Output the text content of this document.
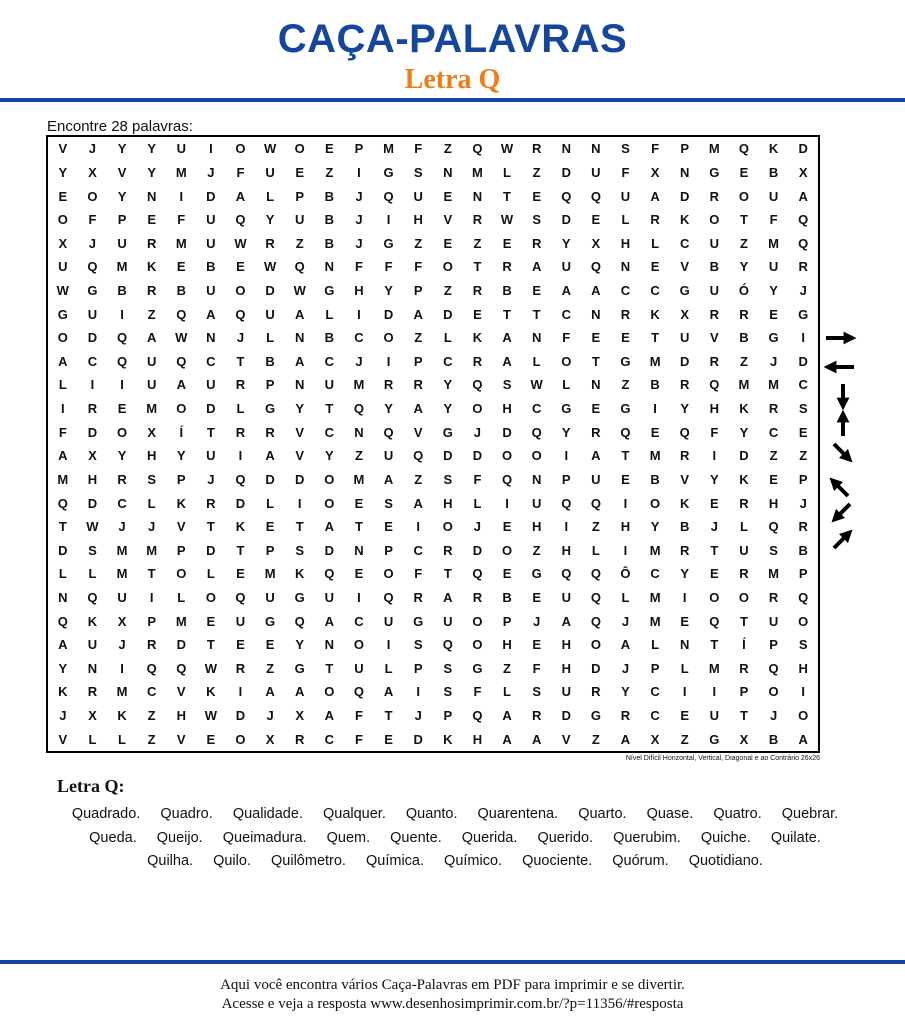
CAÇA-PALAVRAS
Letra Q
Encontre 28 palavras:
V J Y Y U I O W O E P M F Z Q W R N N S F P M Q K D
Y X V Y M J F U E Z I G S N M L Z D U F X N G E B X
E O Y N I D A L P B J Q U E N T E Q Q U A D R O U A
O F P E F U Q Y U B J I H V R W S D E L R K O T F Q
X J U R M U W R Z B J G Z E Z E R Y X H L C U Z M Q
U Q M K E B E W Q N F F F O T R A U Q N E V B Y U R
W G B R B U O D W G H Y P Z R B E A A C C G U Ó Y J
G U I Z Q A Q U A L I D A D E T T C N R K X R R E G
O D Q A W N J L N B C O Z L K A N F E E T U V B G I
A C Q U Q C T B A C J I P C R A L O T G M D R Z J D
L I I U A U R P N U M R R Y Q S W L N Z B R Q M M C
I R E M O D L G Y T Q Y A Y O H C G E G I Y H K R S
F D O X Í T R R V C N Q V G J D Q Y R Q E Q F Y C E
A X Y H Y U I A V Y Z U Q D D O O I A T M R I D Z Z
M H R S P J Q D D O M A Z S F Q N P U E B V Y K E P
Q D C L K R D L I O E S A H L I U Q Q I O K E R H J
T W J J V T K E T A T E I O J E H I Z H Y B J L Q R
D S M M P D T P S D N P C R D O Z H L I M R T U S B
L L M T O L E M K Q E O F T Q E G Q Q Ô C Y E R M P
N Q U I L O Q U G U I Q R A R B E U Q L M I O O R Q
Q K X P M E U G Q A C U G U O P J A Q J M E Q T U O
A U J R D T E E Y N O I S Q O H E H O A L N T Í P S
Y N I Q Q W R Z G T U L P S G Z F H D J P L M R Q H
K R M C V K I A A O Q A I S F L S U R Y C I I P O I
J X K Z H W D J X A F T J P Q A R D G R C E U T J O
V L L Z V E O X R C F E D K H A A V Z A X Z G X B A
Nível Difícil Horizontal, Vertical, Diagonal e ao Contrário 26x26
Letra Q:
Quadrado. Quadro. Qualidade. Qualquer. Quanto. Quarentena. Quarto. Quase. Quatro. Quebrar. Queda. Queijo. Queimadura. Quem. Quente. Querida. Querido. Querubim. Quiche. Quilate. Quilha. Quilo. Quilômetro. Química. Químico. Quociente. Quórum. Quotidiano.
Aqui você encontra vários Caça-Palavras em PDF para imprimir e se divertir.
Acesse e veja a resposta www.desenhosimprimir.com.br/?p=11356/#resposta
